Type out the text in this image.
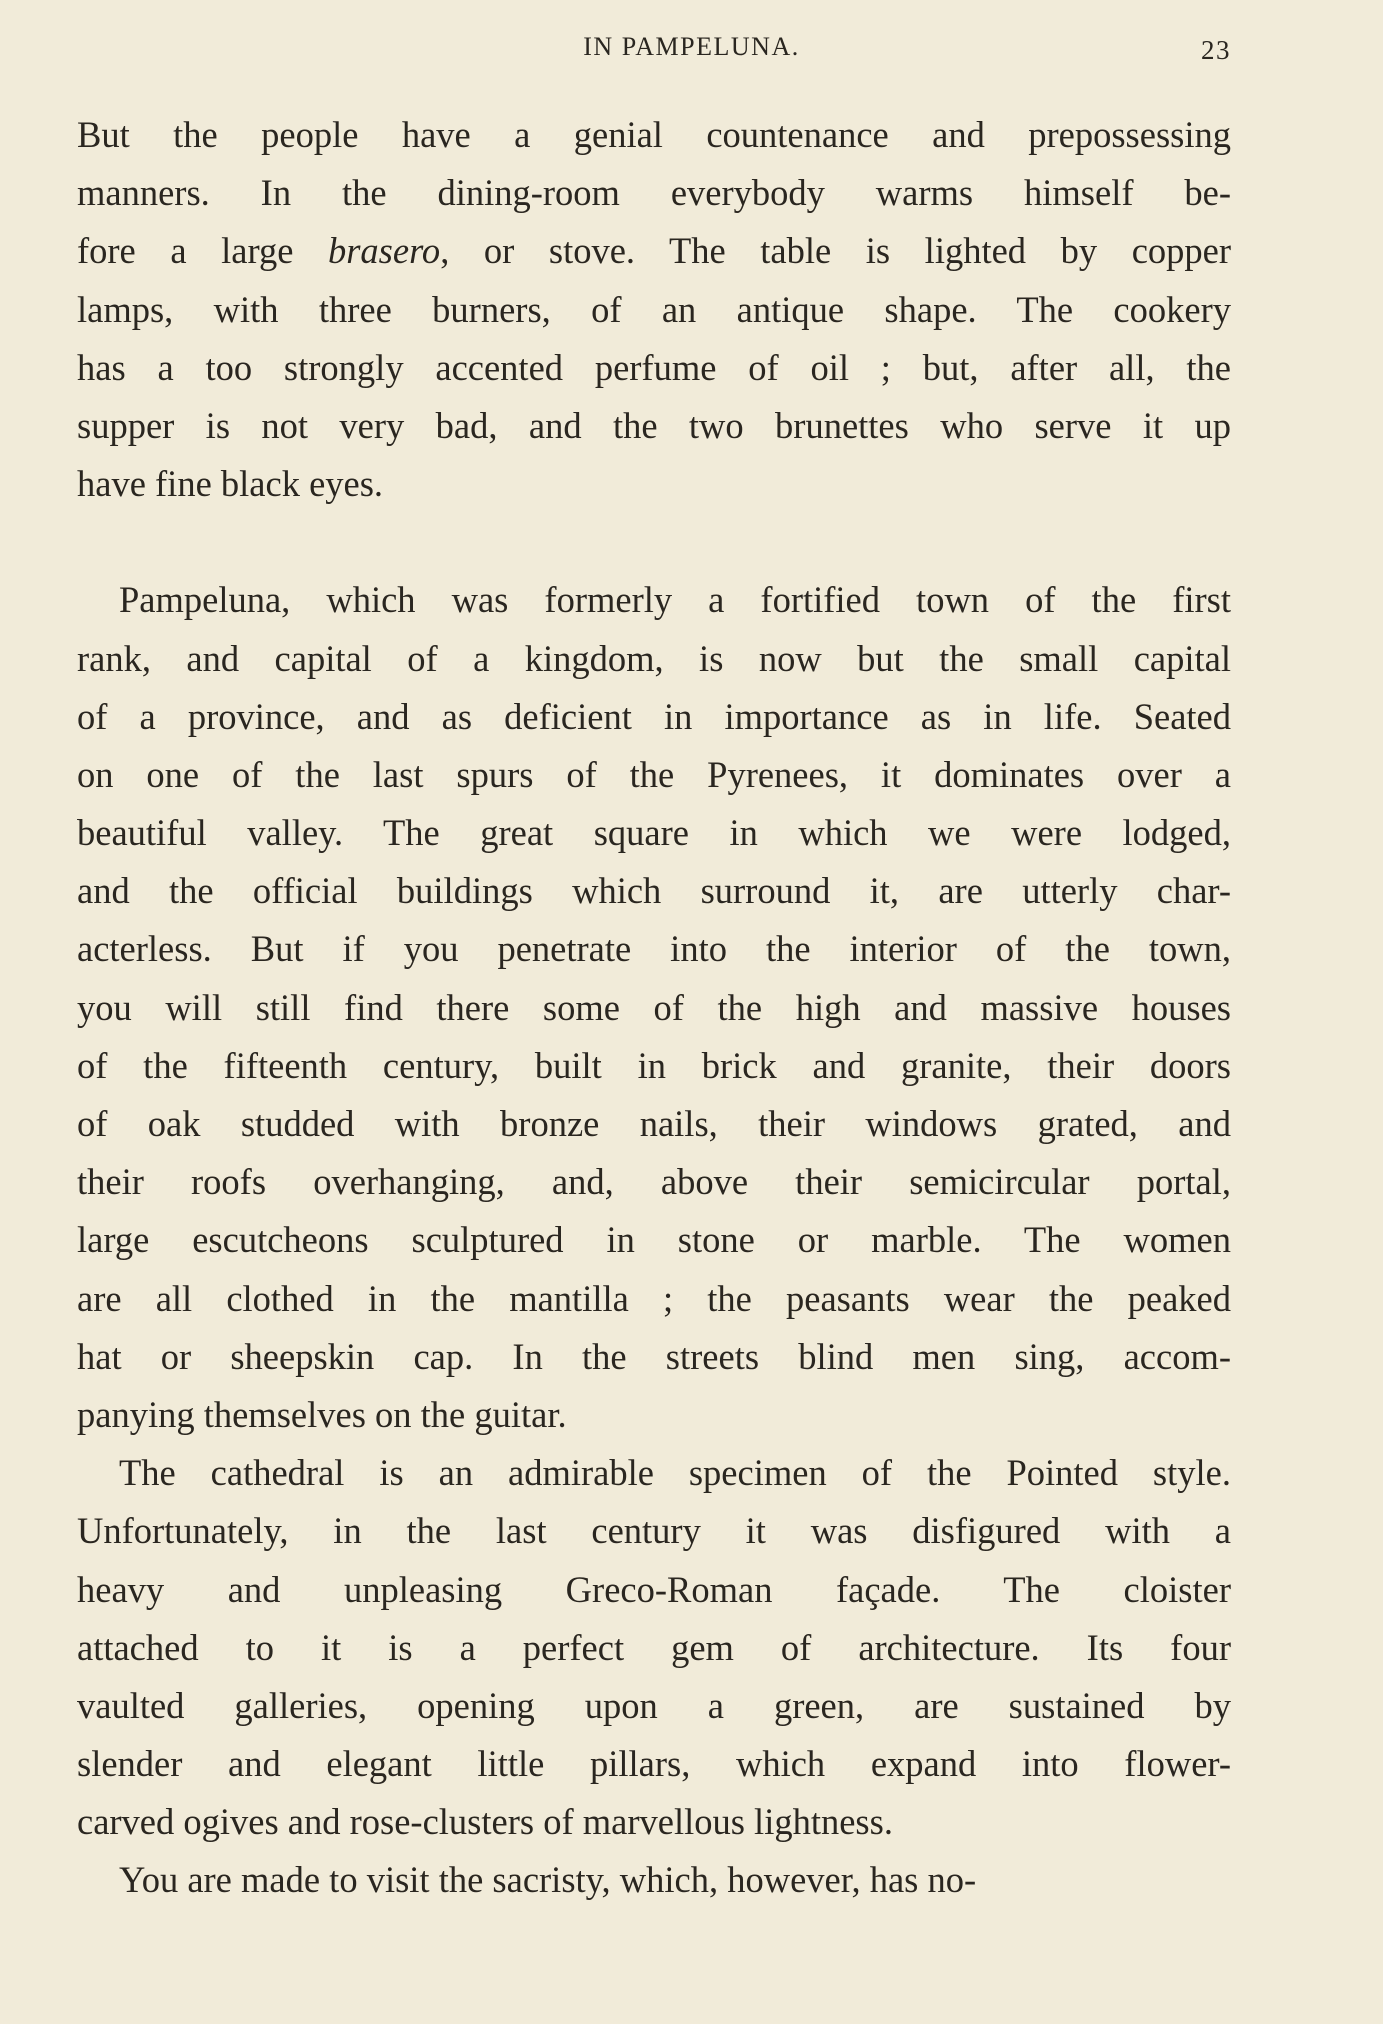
IN PAMPELUNA.	23
But the people have a genial countenance and prepossessing
manners. In the dining-room everybody warms himself be-
fore a large brasero, or stove. The table is lighted by copper
lamps, with three burners, of an antique shape. The cookery
has a too strongly accented perfume of oil ; but, after all, the
supper is not very bad, and the two brunettes who serve it up
have fine black eyes.
Pampeluna, which was formerly a fortified town of the first
rank, and capital of a kingdom, is now but the small capital
of a province, and as deficient in importance as in life. Seated
on one of the last spurs of the Pyrenees, it dominates over a
beautiful valley. The great square in which we were lodged,
and the official buildings which surround it, are utterly char-
acterless. But if you penetrate into the interior of the town,
you will still find there some of the high and massive houses
of the fifteenth century, built in brick and granite, their doors
of oak studded with bronze nails, their windows grated, and
their roofs overhanging, and, above their semicircular portal,
large escutcheons sculptured in stone or marble. The women
are all clothed in the mantilla ; the peasants wear the peaked
hat or sheepskin cap. In the streets blind men sing, accom-
panying themselves on the guitar.
The cathedral is an admirable specimen of the Pointed style.
Unfortunately, in the last century it was disfigured with a
heavy and unpleasing Greco-Roman façade. The cloister
attached to it is a perfect gem of architecture. Its four
vaulted galleries, opening upon a green, are sustained by
slender and elegant little pillars, which expand into flower-
carved ogives and rose-clusters of marvellous lightness.
You are made to visit the sacristy, which, however, has no-
